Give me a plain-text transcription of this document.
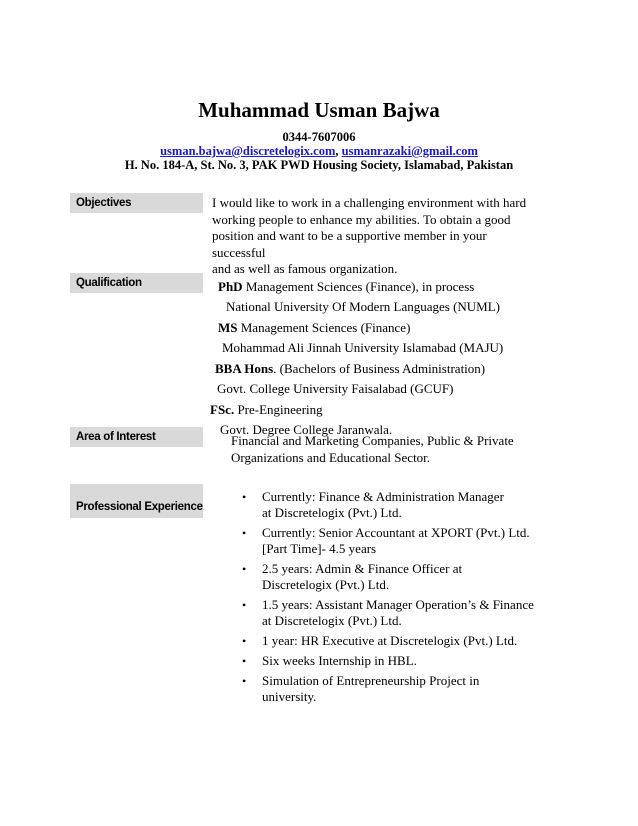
Muhammad Usman Bajwa
0344-7607006
usman.bajwa@discretelogix.com, usmanrazaki@gmail.com
H. No. 184-A, St. No. 3, PAK PWD Housing Society, Islamabad, Pakistan
Objectives	I would like to work in a challenging environment with hard
working people to enhance my abilities. To obtain a good
position and want to be a supportive member in your successful
and as well as famous organization.
Qualification	PhD Management Sciences (Finance), in process
National University Of Modern Languages (NUML)
MS Management Sciences (Finance)
Mohammad Ali Jinnah University Islamabad (MAJU)
BBA Hons. (Bachelors of Business Administration)
Govt. College University Faisalabad (GCUF)
FSc. Pre-Engineering
Govt. Degree College Jaranwala.
Area of Interest	Financial and Marketing Companies, Public & Private
Organizations and Educational Sector.
Professional Experience
• Currently: Finance & Administration Manager
at Discretelogix (Pvt.) Ltd.
• Currently: Senior Accountant at XPORT (Pvt.) Ltd.
[Part Time]- 4.5 years
• 2.5 years: Admin & Finance Officer at
Discretelogix (Pvt.) Ltd.
• 1.5 years: Assistant Manager Operation’s & Finance
at Discretelogix (Pvt.) Ltd.
• 1 year: HR Executive at Discretelogix (Pvt.) Ltd.
• Six weeks Internship in HBL.
• Simulation of Entrepreneurship Project in
university.
